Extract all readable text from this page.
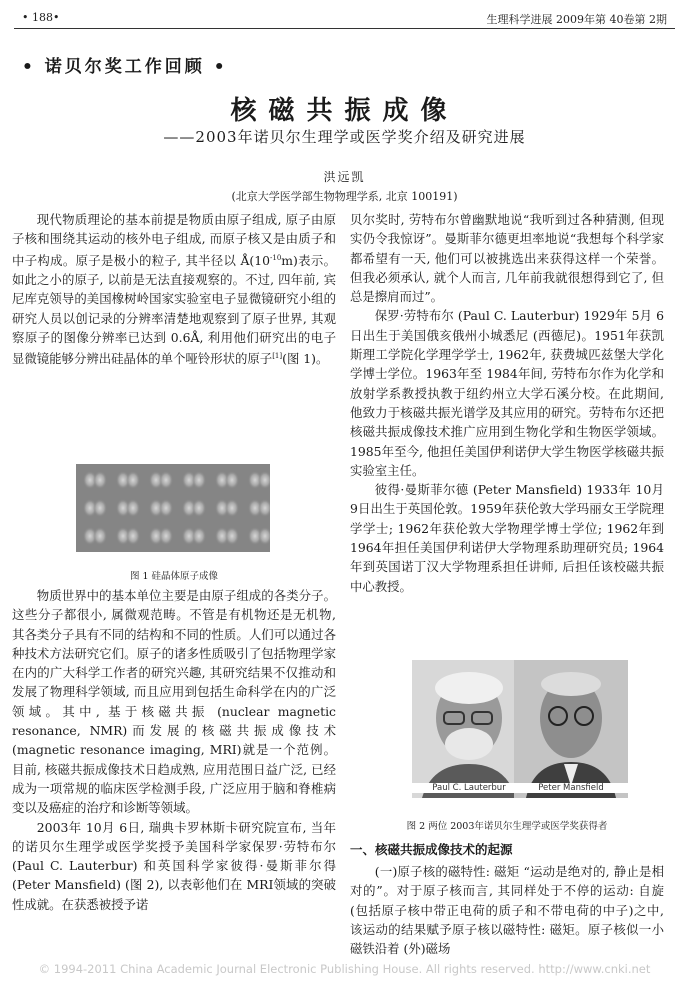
• 188•	生理科学进展 2009年第 40卷第 2期
• 诺贝尔奖工作回顾 •
核磁共振成像
——2003年诺贝尔生理学或医学奖介绍及研究进展
洪远凯
(北京大学医学部生物物理学系, 北京 100191)

现代物质理论的基本前提是物质由原子组成, 原子由原子核和围绕其运动的核外电子组成, 而原子核又是由质子和中子构成。原子是极小的粒子, 其半径以 $Å(10^{-10}m)$表示。如此之小的原子, 以前是无法直接观察的。不过, 四年前, 宾尼库克领导的美国橡树岭国家实验室电子显微镜研究小组的研究人员以创记录的分辨率清楚地观察到了原子世界, 其观察原子的图像分辨率已达到 0.6Å, 利用他们研究出的电子显微镜能够分辨出硅晶体的单个哑铃形状的原子[1](图 1)。

图 1 硅晶体原子成像

物质世界中的基本单位主要是由原子组成的各类分子。这些分子都很小, 属微观范畴。不管是有机物还是无机物, 其各类分子具有不同的结构和不同的性质。人们可以通过各种技术方法研究它们。原子的诸多性质吸引了包括物理学家在内的广大科学工作者的研究兴趣, 其研究结果不仅推动和发展了物理科学领域, 而且应用到包括生命科学在内的广泛领域。其中, 基于核磁共振 (nuclear magnetic resonance, NMR)而发展的核磁共振成像技术 (magnetic resonance imaging, MRI)就是一个范例。目前, 核磁共振成像技术日趋成熟, 应用范围日益广泛, 已经成为一项常规的临床医学检测手段, 广泛应用于脑和脊椎病变以及癌症的治疗和诊断等领域。

2003年 10月 6日, 瑞典卡罗林斯卡研究院宣布, 当年的诺贝尔生理学或医学奖授予美国科学家保罗·劳特布尔 (Paul C. Lauterbur) 和英国科学家彼得·曼斯菲尔得 (Peter Mansfield) (图 2), 以表彰他们在 MRI领域的突破性成就。在获悉被授予诺

贝尔奖时, 劳特布尔曾幽默地说“我听到过各种猜测, 但现实仍令我惊讶”。曼斯菲尔德更坦率地说“我想每个科学家都希望有一天, 他们可以被挑选出来获得这样一个荣誉。但我必须承认, 就个人而言, 几年前我就很想得到它了, 但总是擦肩而过”。

保罗·劳特布尔 (Paul C. Lauterbur) 1929年 5月 6日出生于美国俄亥俄州小城悉尼 (西德尼)。1951年获凯斯理工学院化学理学学士, 1962年, 获费城匹兹堡大学化学博士学位。1963年至 1984年间, 劳特布尔作为化学和放射学系教授执教于纽约州立大学石溪分校。在此期间, 他致力于核磁共振光谱学及其应用的研究。劳特布尔还把核磁共振成像技术推广应用到生物化学和生物医学领域。1985年至今, 他担任美国伊利诺伊大学生物医学核磁共振实验室主任。

彼得·曼斯菲尔德 (Peter Mansfield) 1933年 10月 9日出生于英国伦敦。1959年获伦敦大学玛丽女王学院理学学士; 1962年获伦敦大学物理学博士学位; 1962年到 1964年担任美国伊利诺伊大学物理系助理研究员; 1964年到英国诺丁汉大学物理系担任讲师, 后担任该校磁共振中心教授。

Paul C. Lauterbur	Peter Mansfield
图 2 两位 2003年诺贝尔生理学或医学奖获得者
一、核磁共振成像技术的起源

(一)原子核的磁特性: 磁矩 “运动是绝对的, 静止是相对的”。对于原子核而言, 其同样处于不停的运动: 自旋 (包括原子核中带正电荷的质子和不带电荷的中子)之中, 该运动的结果赋予原子核以磁特性: 磁矩。原子核似一小磁铁沿着 (外)磁场

© 1994-2011 China Academic Journal Electronic Publishing House. All rights reserved. http://www.cnki.net
